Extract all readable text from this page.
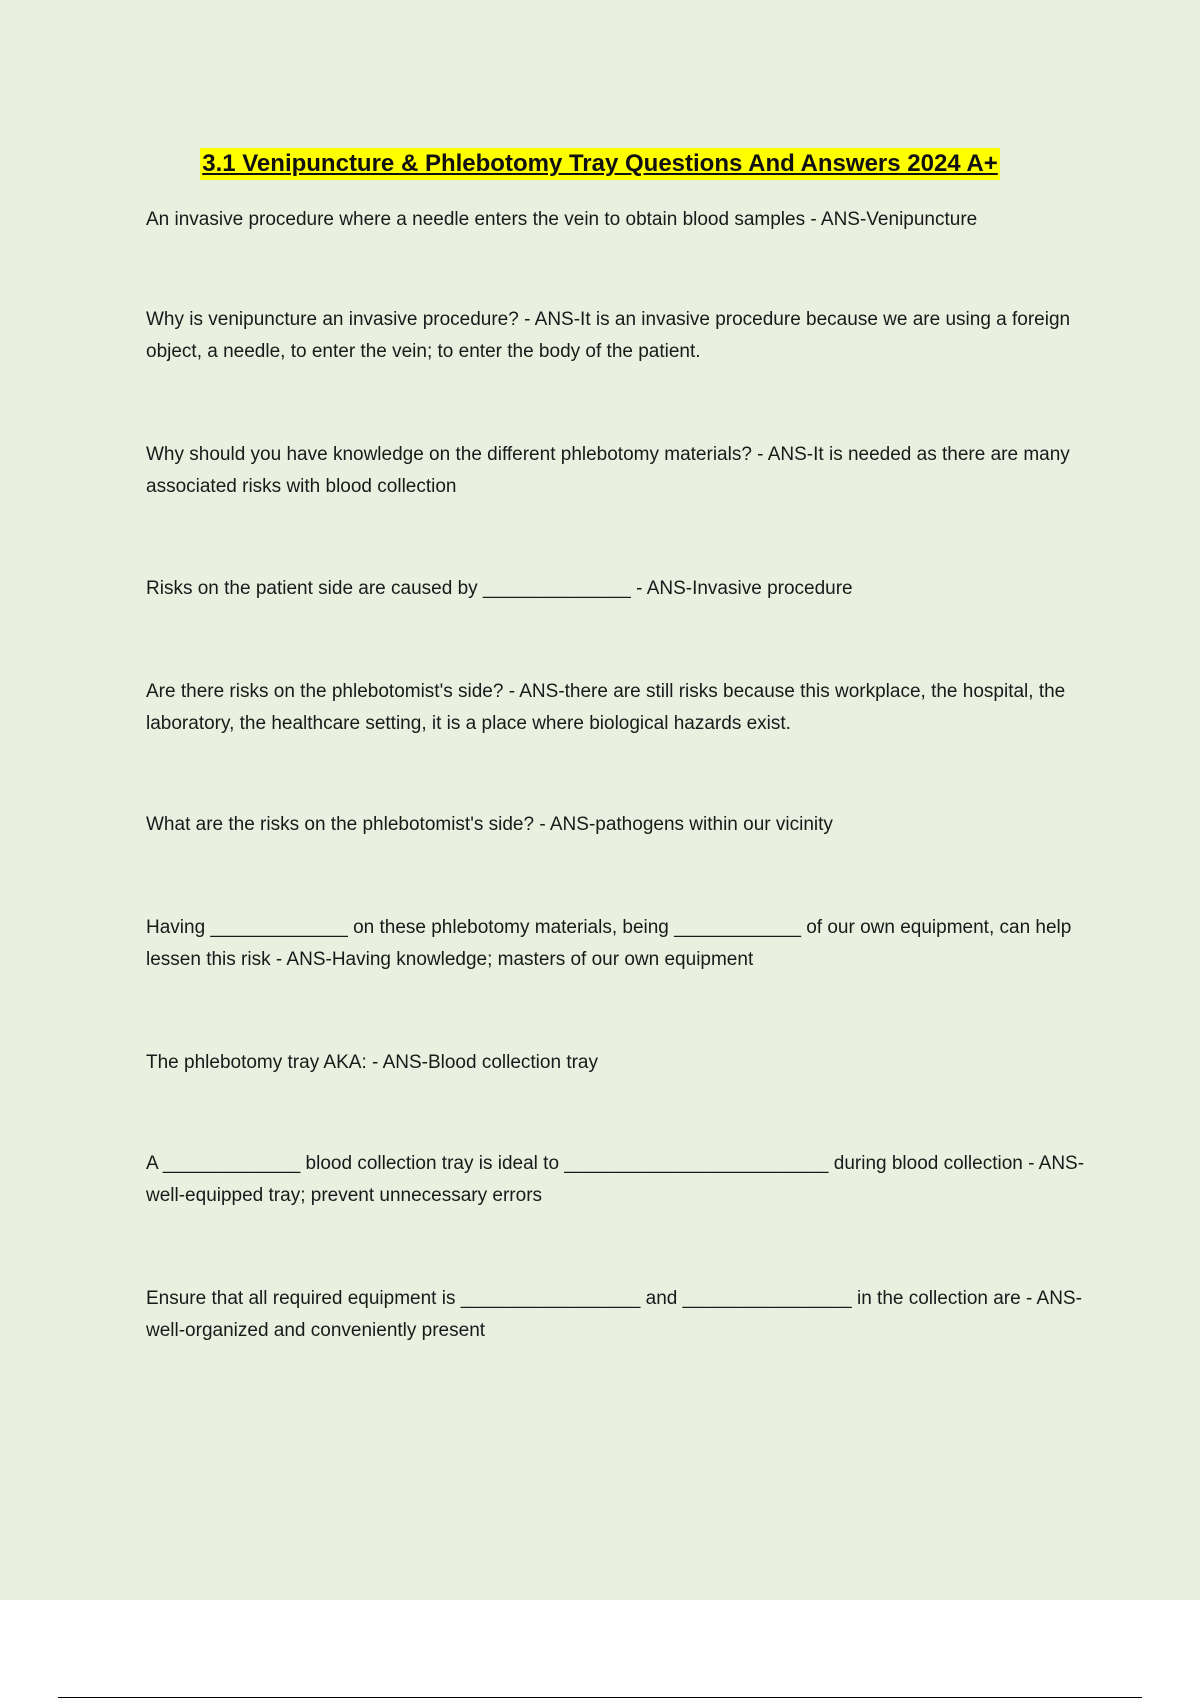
3.1 Venipuncture & Phlebotomy Tray Questions And Answers 2024 A+

An invasive procedure where a needle enters the vein to obtain blood samples - ANS-Venipuncture

Why is venipuncture an invasive procedure? - ANS-It is an invasive procedure because we are using a foreign object, a needle, to enter the vein; to enter the body of the patient.

Why should you have knowledge on the different phlebotomy materials? - ANS-It is needed as there are many associated risks with blood collection

Risks on the patient side are caused by ______________ - ANS-Invasive procedure

Are there risks on the phlebotomist's side? - ANS-there are still risks because this workplace, the hospital, the laboratory, the healthcare setting, it is a place where biological hazards exist.

What are the risks on the phlebotomist's side? - ANS-pathogens within our vicinity

Having _____________ on these phlebotomy materials, being ____________ of our own equipment, can help lessen this risk - ANS-Having knowledge; masters of our own equipment

The phlebotomy tray AKA: - ANS-Blood collection tray

A _____________ blood collection tray is ideal to _________________________ during blood collection - ANS-well-equipped tray; prevent unnecessary errors

Ensure that all required equipment is _________________ and ________________ in the collection are - ANS-well-organized and conveniently present
